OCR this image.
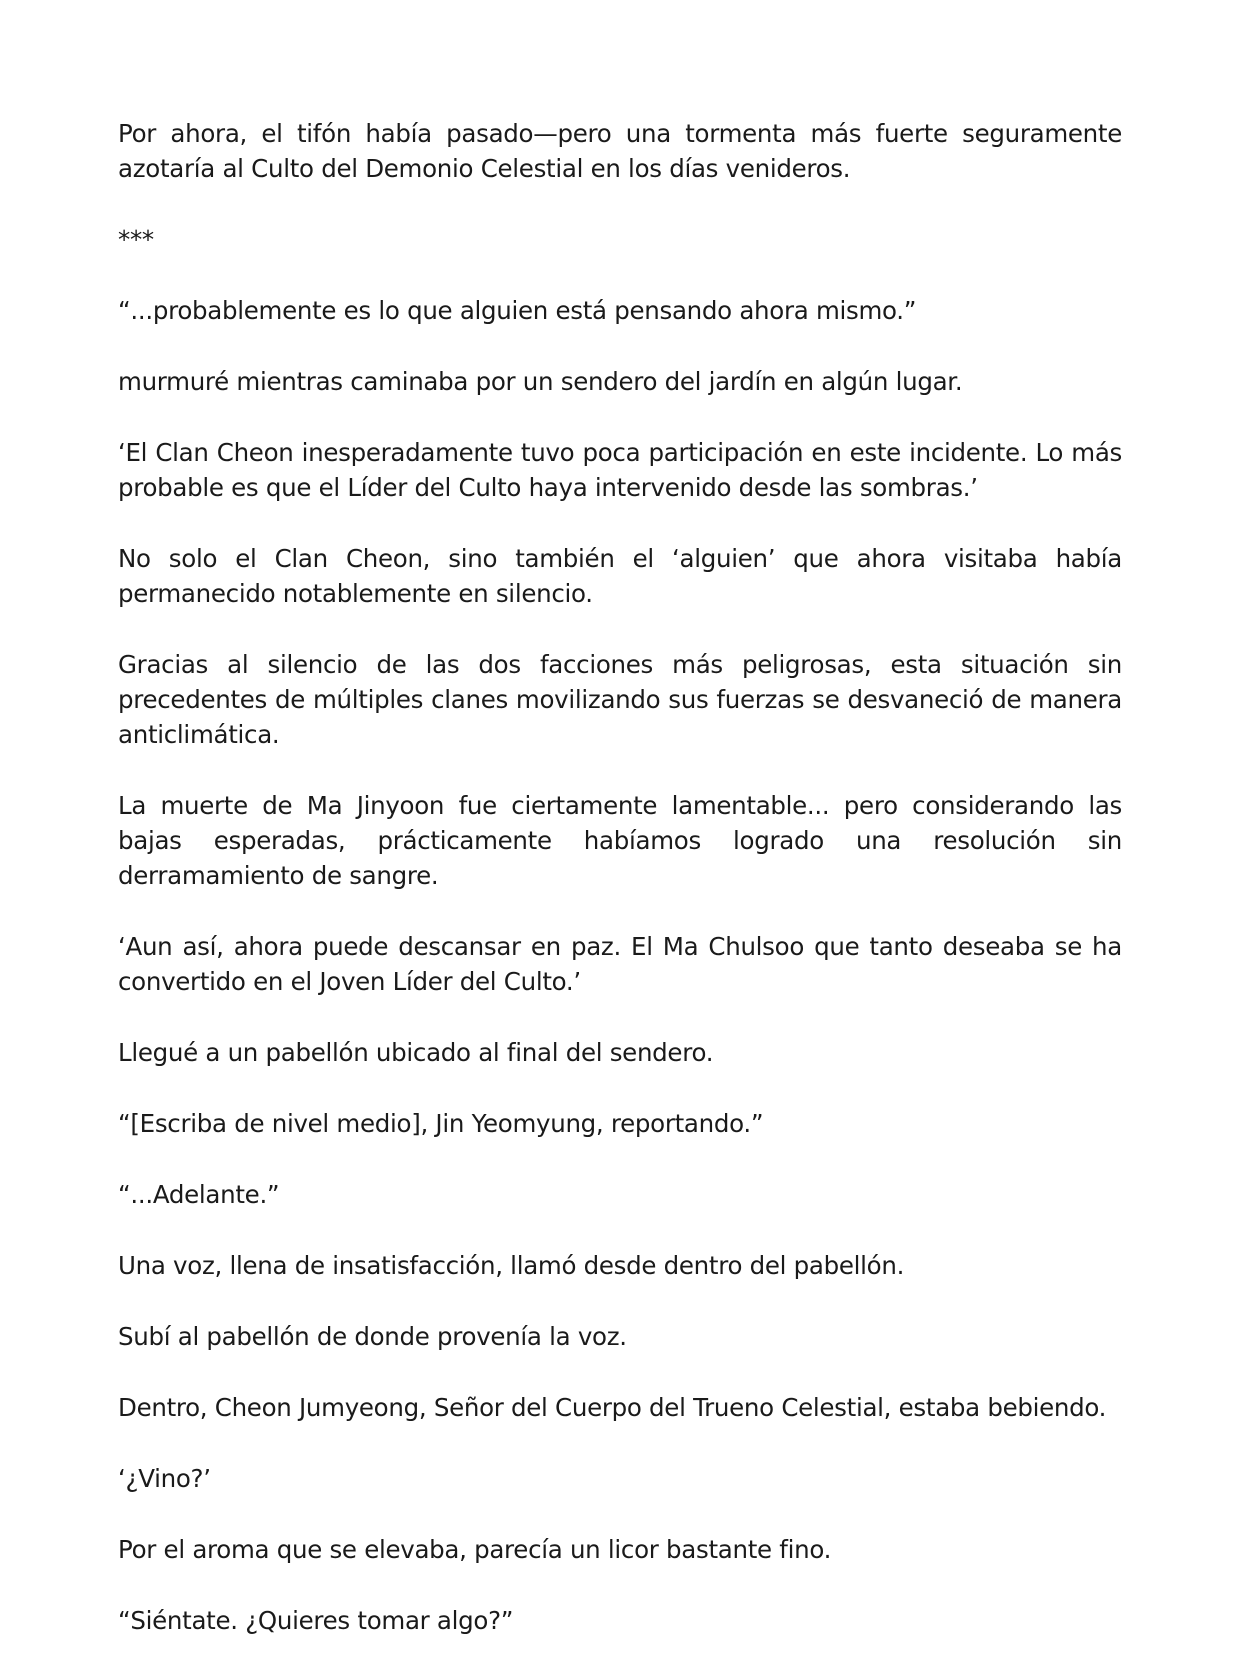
Por ahora, el tifón había pasado—pero una tormenta más fuerte seguramente azotaría al Culto del Demonio Celestial en los días venideros.

***

“...probablemente es lo que alguien está pensando ahora mismo.”

murmuré mientras caminaba por un sendero del jardín en algún lugar.

‘El Clan Cheon inesperadamente tuvo poca participación en este incidente. Lo más probable es que el Líder del Culto haya intervenido desde las sombras.’

No solo el Clan Cheon, sino también el ‘alguien’ que ahora visitaba había permanecido notablemente en silencio.

Gracias al silencio de las dos facciones más peligrosas, esta situación sin precedentes de múltiples clanes movilizando sus fuerzas se desvaneció de manera anticlimática.

La muerte de Ma Jinyoon fue ciertamente lamentable... pero considerando las bajas esperadas, prácticamente habíamos logrado una resolución sin derramamiento de sangre.

‘Aun así, ahora puede descansar en paz. El Ma Chulsoo que tanto deseaba se ha convertido en el Joven Líder del Culto.’

Llegué a un pabellón ubicado al final del sendero.

“[Escriba de nivel medio], Jin Yeomyung, reportando.”

“...Adelante.”

Una voz, llena de insatisfacción, llamó desde dentro del pabellón.

Subí al pabellón de donde provenía la voz.

Dentro, Cheon Jumyeong, Señor del Cuerpo del Trueno Celestial, estaba bebiendo.

‘¿Vino?’

Por el aroma que se elevaba, parecía un licor bastante fino.

“Siéntate. ¿Quieres tomar algo?”
